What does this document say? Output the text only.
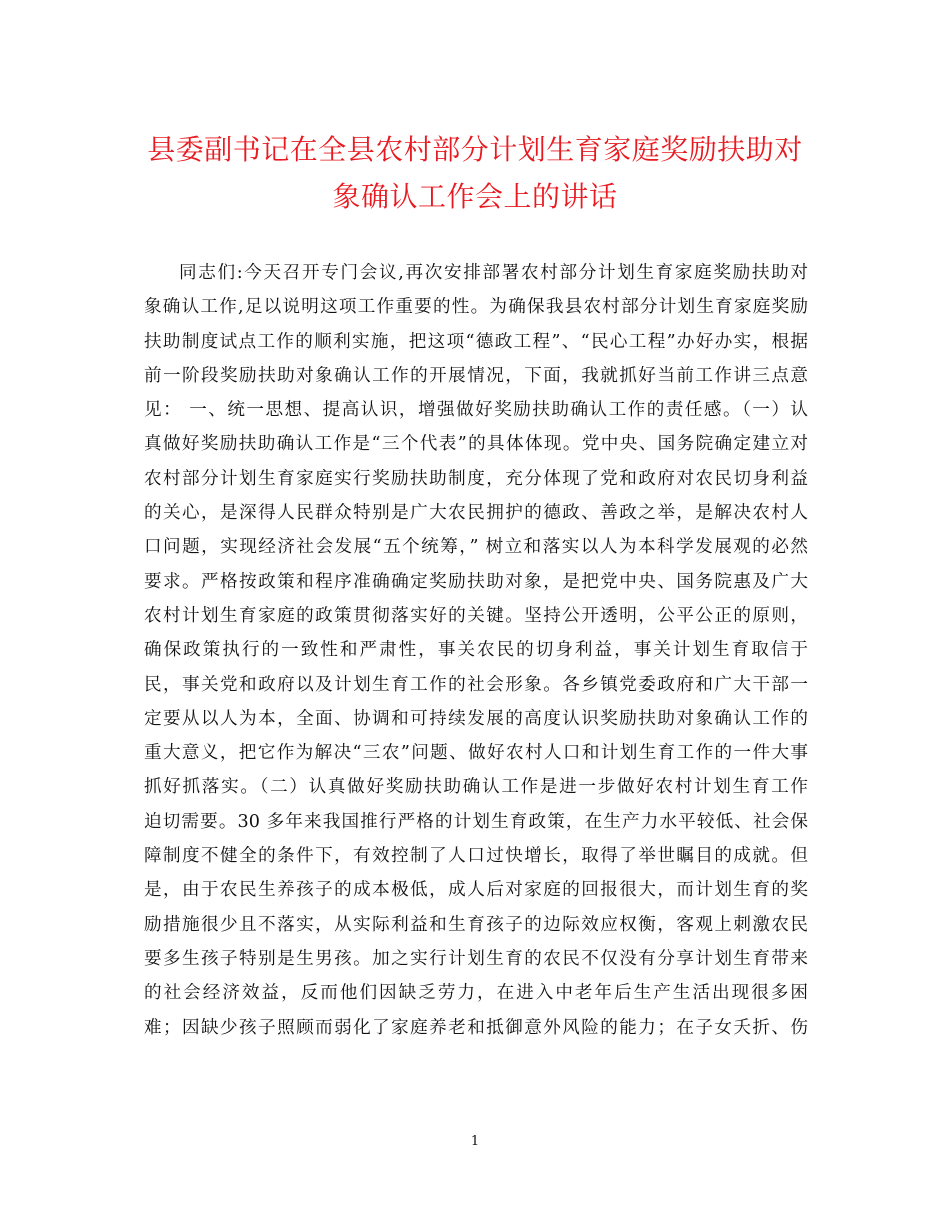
县委副书记在全县农村部分计划生育家庭奖励扶助对
象确认工作会上的讲话
同志们:今天召开专门会议,再次安排部署农村部分计划生育家庭奖励扶助对
象确认工作,足以说明这项工作重要的性。为确保我县农村部分计划生育家庭奖励
扶助制度试点工作的顺利实施，把这项“德政工程”、“民心工程”办好办实，根据
前一阶段奖励扶助对象确认工作的开展情况，下面，我就抓好当前工作讲三点意
见： 一、统一思想、提高认识，增强做好奖励扶助确认工作的责任感。（一）认
真做好奖励扶助确认工作是“三个代表”的具体体现。党中央、国务院确定建立对
农村部分计划生育家庭实行奖励扶助制度，充分体现了党和政府对农民切身利益
的关心，是深得人民群众特别是广大农民拥护的德政、善政之举，是解决农村人
口问题，实现经济社会发展“五个统筹，” 树立和落实以人为本科学发展观的必然
要求。严格按政策和程序准确确定奖励扶助对象，是把党中央、国务院惠及广大
农村计划生育家庭的政策贯彻落实好的关键。坚持公开透明，公平公正的原则，
确保政策执行的一致性和严肃性，事关农民的切身利益，事关计划生育取信于
民，事关党和政府以及计划生育工作的社会形象。各乡镇党委政府和广大干部一
定要从以人为本，全面、协调和可持续发展的高度认识奖励扶助对象确认工作的
重大意义，把它作为解决“三农”问题、做好农村人口和计划生育工作的一件大事
抓好抓落实。（二）认真做好奖励扶助确认工作是进一步做好农村计划生育工作
迫切需要。30 多年来我国推行严格的计划生育政策，在生产力水平较低、社会保
障制度不健全的条件下，有效控制了人口过快增长，取得了举世瞩目的成就。但
是，由于农民生养孩子的成本极低，成人后对家庭的回报很大，而计划生育的奖
励措施很少且不落实，从实际利益和生育孩子的边际效应权衡，客观上刺激农民
要多生孩子特别是生男孩。加之实行计划生育的农民不仅没有分享计划生育带来
的社会经济效益，反而他们因缺乏劳力，在进入中老年后生产生活出现很多困
难；因缺少孩子照顾而弱化了家庭养老和抵御意外风险的能力；在子女夭折、伤
1
